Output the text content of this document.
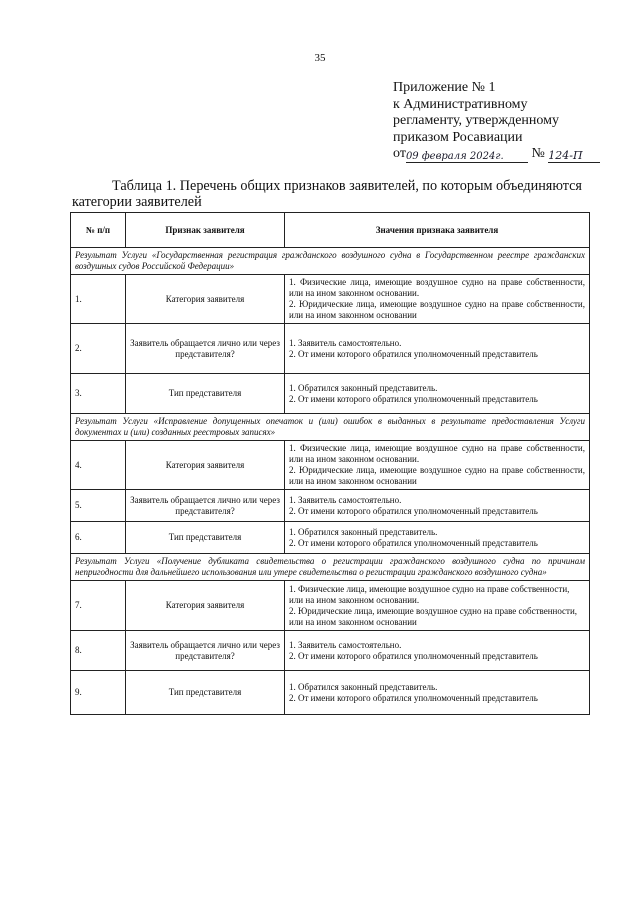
35
Приложение № 1
к Административному
регламенту, утвержденному
приказом Росавиации
от09 февраля 2024г. № 124-П
Таблица 1. Перечень общих признаков заявителей, по которым объединяются категории заявителей
№ п/п	Признак заявителя	Значения признака заявителя
Результат Услуги «Государственная регистрация гражданского воздушного судна в Государственном реестре гражданских воздушных судов Российской Федерации»		
1.	Категория заявителя	1. Физические лица, имеющие воздушное судно на праве собственности, или на ином законном основании.
2. Юридические лица, имеющие воздушное судно на праве собственности, или на ином законном основании

2.	Заявитель обращается лично или через представителя?	1. Заявитель самостоятельно.
2. От имени которого обратился уполномоченный представитель

3.	Тип представителя	1. Обратился законный представитель.
2. От имени которого обратился уполномоченный представитель

Результат Услуги «Исправление допущенных опечаток и (или) ошибок в выданных в результате предоставления Услуги документах и (или) созданных реестровых записях»		
4.	Категория заявителя	1. Физические лица, имеющие воздушное судно на праве собственности, или на ином законном основании.
2. Юридические лица, имеющие воздушное судно на праве собственности, или на ином законном основании

5.	Заявитель обращается лично или через представителя?	1. Заявитель самостоятельно.
2. От имени которого обратился уполномоченный представитель

6.	Тип представителя	1. Обратился законный представитель.
2. От имени которого обратился уполномоченный представитель

Результат Услуги «Получение дубликата свидетельства о регистрации гражданского воздушного судна по причинам непригодности для дальнейшего использования или утере свидетельства о регистрации гражданского воздушного судна»		
7.	Категория заявителя	1. Физические лица, имеющие воздушное судно на праве собственности, или на ином законном основании.
2. Юридические лица, имеющие воздушное судно на праве собственности, или на ином законном основании

8.	Заявитель обращается лично или через представителя?	1. Заявитель самостоятельно.
2. От имени которого обратился уполномоченный представитель

9.	Тип представителя	1. Обратился законный представитель.
2. От имени которого обратился уполномоченный представитель
